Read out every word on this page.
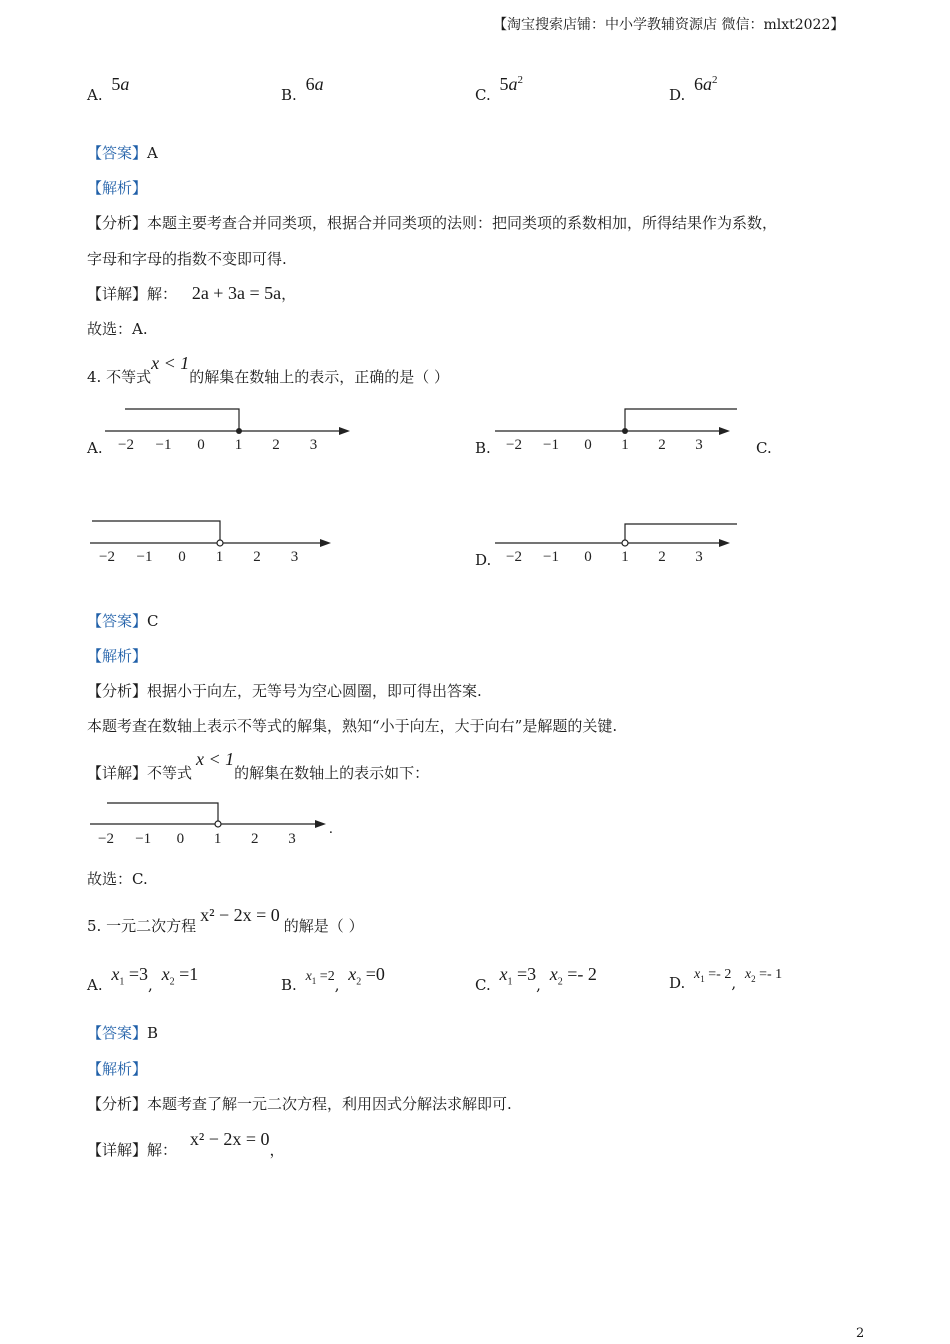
【淘宝搜索店铺：中小学教辅资源店 微信：mlxt2022】
A. 5a
B. 6a
C. $5a^2$
D. $6a^2$
【答案】A
【解析】
【分析】本题主要考查合并同类项，根据合并同类项的法则：把同类项的系数相加，所得结果作为系数，
字母和字母的指数不变即可得.
【详解】解： 2a + 3a = 5a，
故选：A.
4. 不等式x < 1的解集在数轴上的表示，正确的是（ ）
A.	B.	C.
D.
−2 −1 0 1 2 3	−2 −1 0 1 2 3
−2 −1 0 1 2 3	−2 −1 0 1 2 3
【答案】C
【解析】
【分析】根据小于向左，无等号为空心圆圈，即可得出答案.
本题考查在数轴上表示不等式的解集，熟知“小于向左，大于向右”是解题的关键.
【详解】不等式x < 1的解集在数轴上的表示如下：
−2 −1 0 1 2 3
.
故选：C.
5. 一元二次方程x² − 2x = 0的解是（ ）
A. $x_1 =3$, $x_2 =1$
B. $x_1 =2$, $x_2 =0$
C. $x_1 =3$, $x_2 =- 2$	D. $x_1 =- 2$, $x_2 =- 1$
【答案】B
【解析】
【分析】本题考查了解一元二次方程，利用因式分解法求解即可.
【详解】解： x² − 2x = 0，
2
